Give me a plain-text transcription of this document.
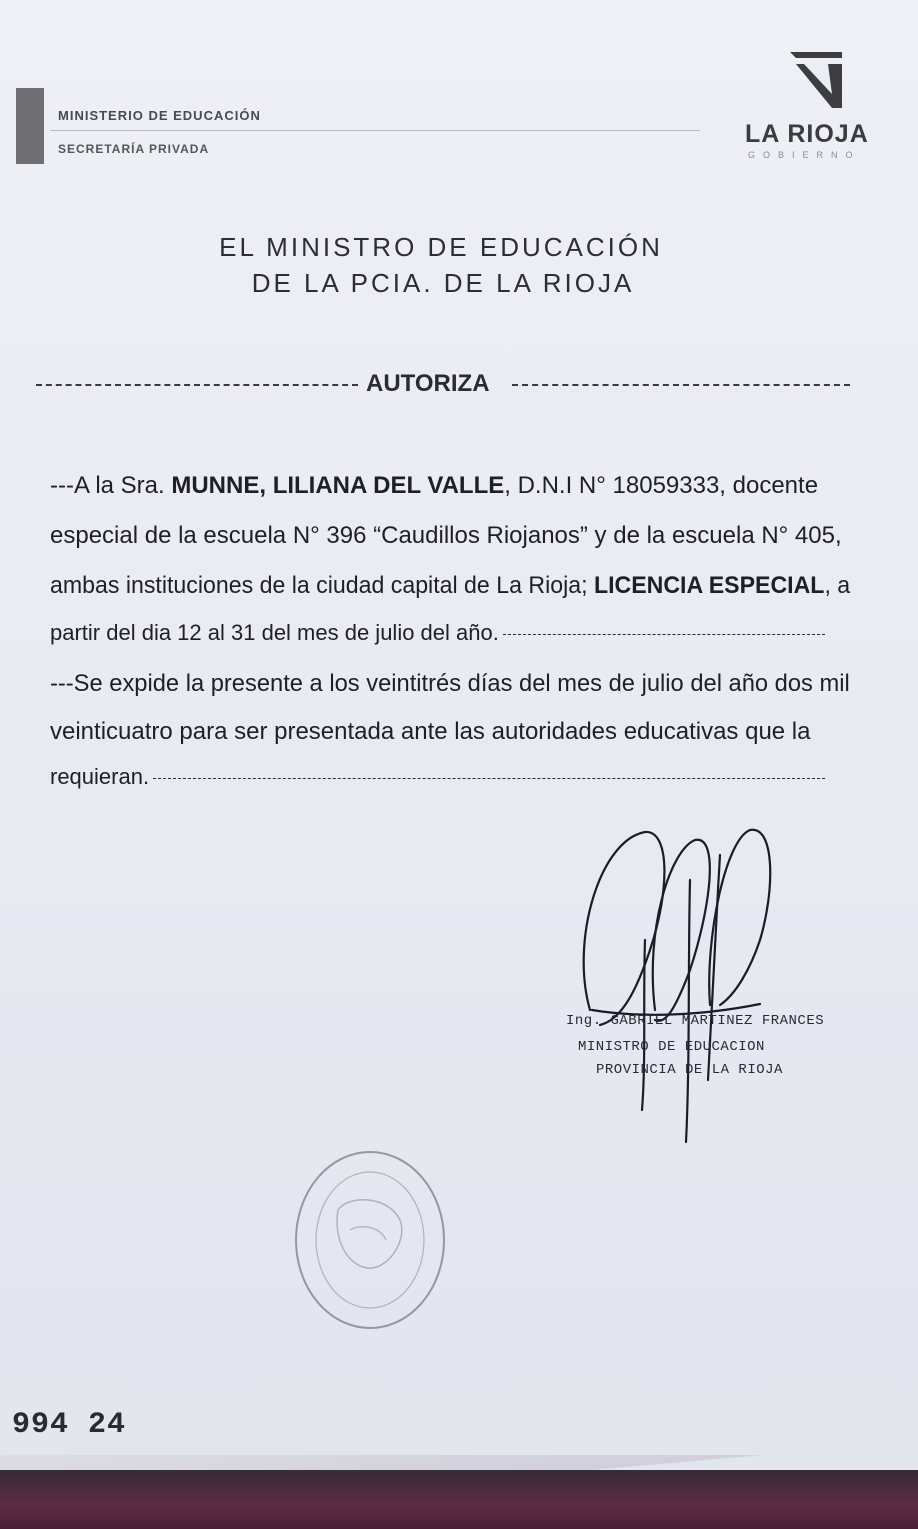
MINISTERIO DE EDUCACIÓN
SECRETARÍA PRIVADA
LA RIOJA
GOBIERNO
EL MINISTRO DE EDUCACIÓN
DE LA PCIA. DE LA RIOJA
AUTORIZA
---A la Sra. MUNNE, LILIANA DEL VALLE, D.N.I N° 18059333, docente
especial de la escuela N° 396 “Caudillos Riojanos” y de la escuela N° 405,
ambas instituciones de la ciudad capital de La Rioja; LICENCIA ESPECIAL, a
partir del dia 12 al 31 del mes de julio del año.
---Se expide la presente a los veintitrés días del mes de julio del año dos mil
veinticuatro para ser presentada ante las autoridades educativas que la
requieran.
Ing. GABRIEL MARTINEZ FRANCES
MINISTRO DE EDUCACION
PROVINCIA DE LA RIOJA
994 24
